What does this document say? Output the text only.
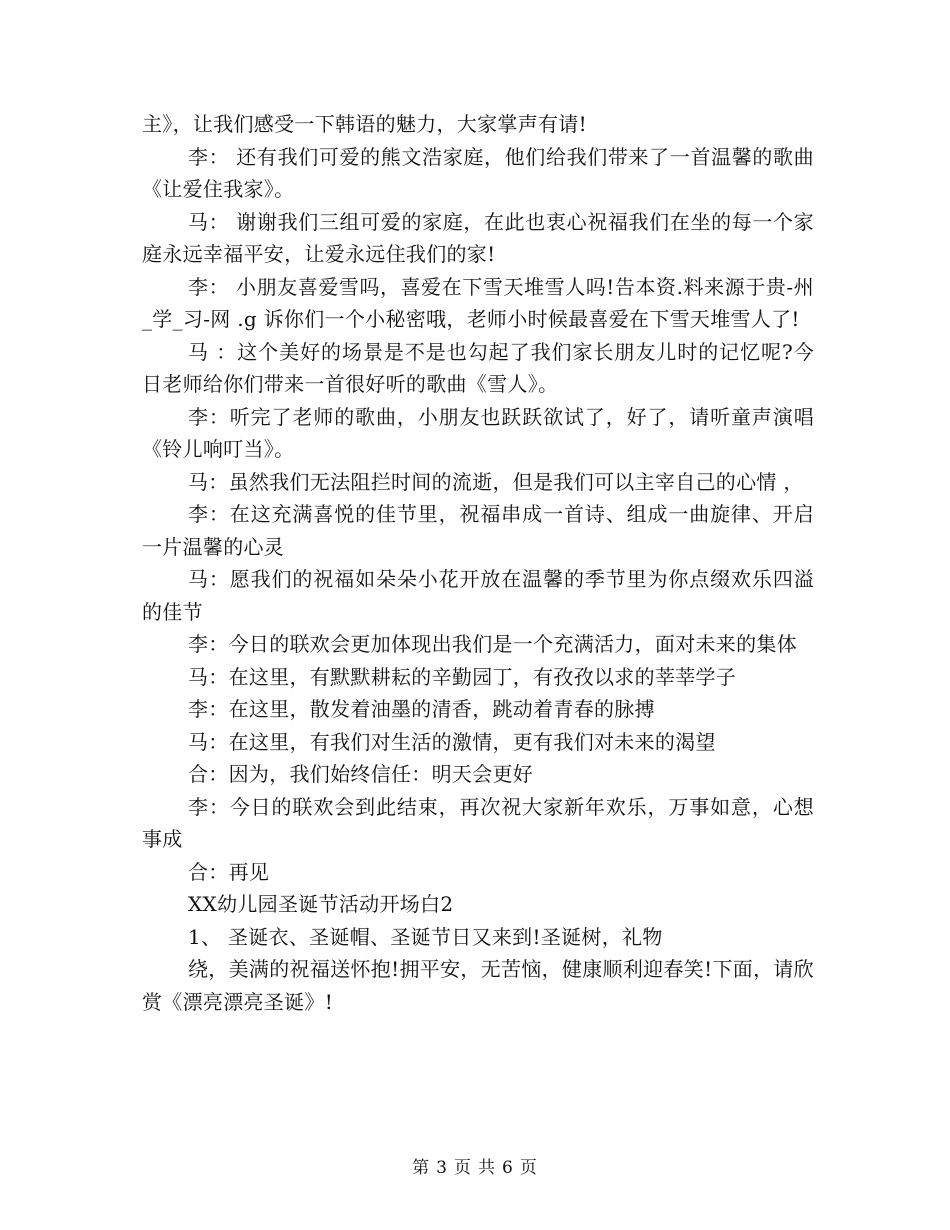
主》，让我们感受一下韩语的魅力，大家掌声有请!

李： 还有我们可爱的熊文浩家庭，他们给我们带来了一首温馨的歌曲《让爱住我家》。

马： 谢谢我们三组可爱的家庭，在此也衷心祝福我们在坐的每一个家庭永远幸福平安，让爱永远住我们的家!

李： 小朋友喜爱雪吗，喜爱在下雪天堆雪人吗!告本资.料来源于贵-州_学_习-网 .g 诉你们一个小秘密哦，老师小时候最喜爱在下雪天堆雪人了!

马 ：这个美好的场景是不是也勾起了我们家长朋友儿时的记忆呢?今日老师给你们带来一首很好听的歌曲《雪人》。

李：听完了老师的歌曲，小朋友也跃跃欲试了，好了，请听童声演唱《铃儿响叮当》。

马：虽然我们无法阻拦时间的流逝，但是我们可以主宰自己的心情 ，

李：在这充满喜悦的佳节里，祝福串成一首诗、组成一曲旋律、开启一片温馨的心灵

马：愿我们的祝福如朵朵小花开放在温馨的季节里为你点缀欢乐四溢的佳节

李：今日的联欢会更加体现出我们是一个充满活力，面对未来的集体

马：在这里，有默默耕耘的辛勤园丁，有孜孜以求的莘莘学子

李：在这里，散发着油墨的清香，跳动着青春的脉搏

马：在这里，有我们对生活的激情，更有我们对未来的渴望

合：因为，我们始终信任：明天会更好

李：今日的联欢会到此结束，再次祝大家新年欢乐，万事如意，心想事成

合：再见

XX幼儿园圣诞节活动开场白2

1、 圣诞衣、圣诞帽、圣诞节日又来到!圣诞树，礼物

绕，美满的祝福送怀抱!拥平安，无苦恼，健康顺利迎春笑!下面，请欣赏《漂亮漂亮圣诞》!

第 3 页 共 6 页
